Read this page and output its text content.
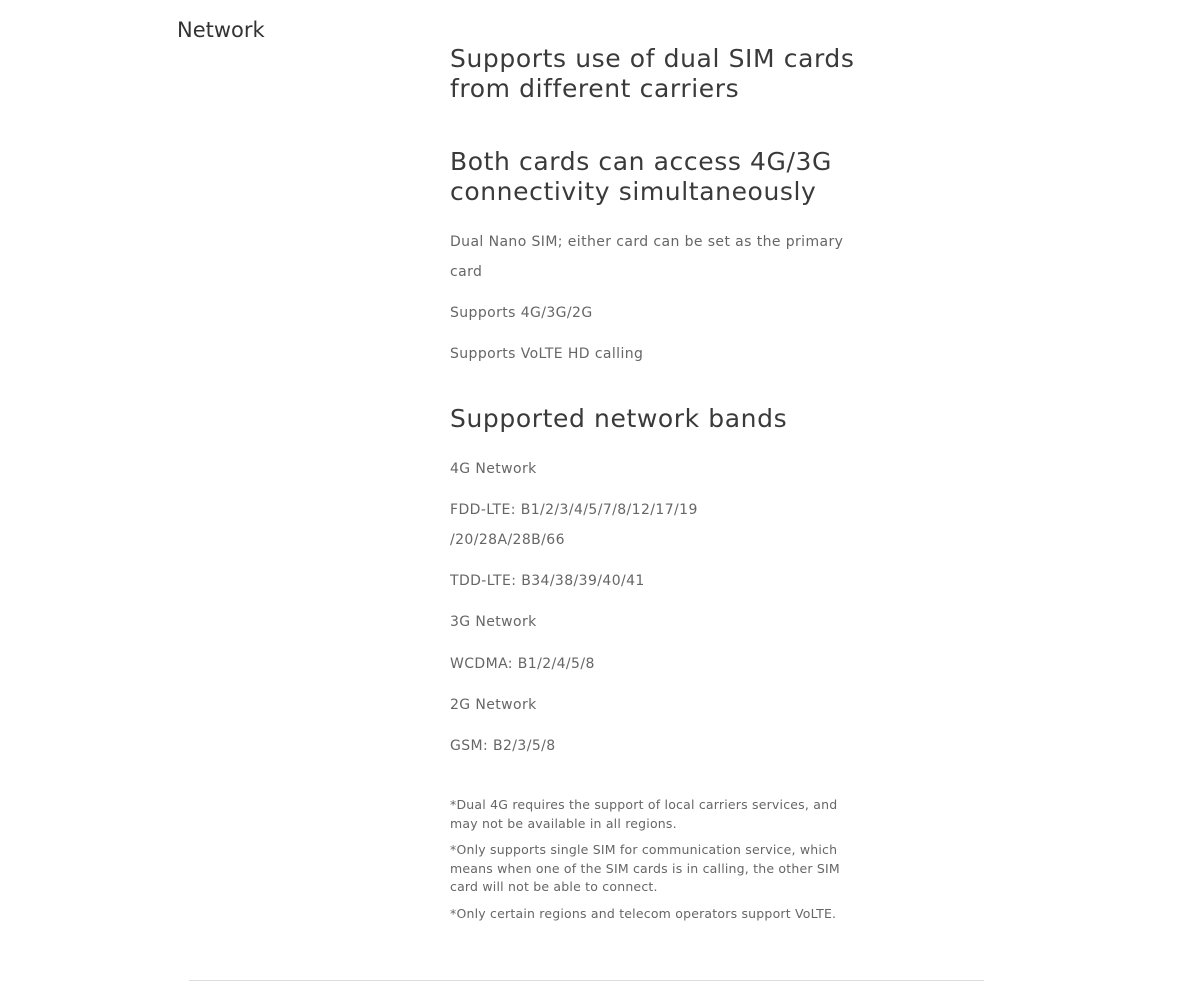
Network
Supports use of dual SIM cards from different carriers
Both cards can access 4G/3G connectivity simultaneously

Dual Nano SIM; either card can be set as the primary card

Supports 4G/3G/2G

Supports VoLTE HD calling

Supported network bands

4G Network

FDD-LTE: B1/2/3/4/5/7/8/12/17/19 /20/28A/28B/66

TDD-LTE: B34/38/39/40/41

3G Network

WCDMA: B1/2/4/5/8

2G Network

GSM: B2/3/5/8

*Dual 4G requires the support of local carriers services, and may not be available in all regions.

*Only supports single SIM for communication service, which means when one of the SIM cards is in calling, the other SIM card will not be able to connect.

*Only certain regions and telecom operators support VoLTE.
